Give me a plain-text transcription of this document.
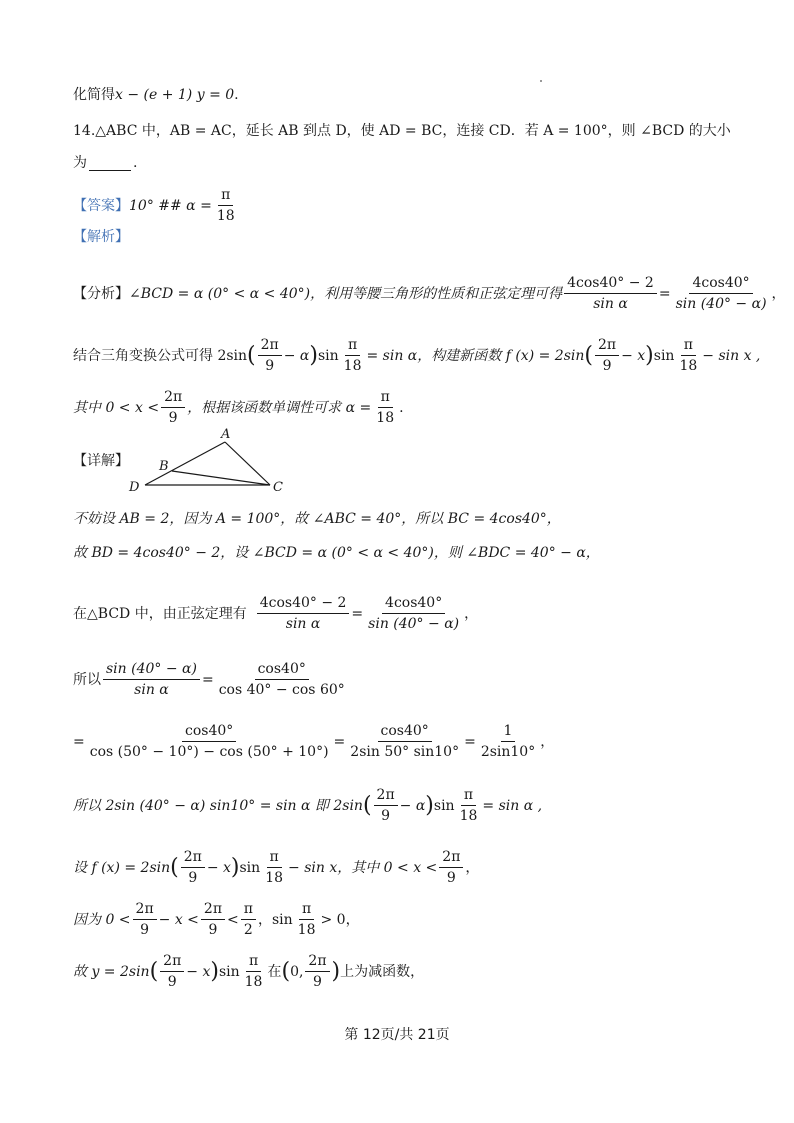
化简得 x − (e + 1) y = 0 .
14. △ABC 中，AB = AC，延长 AB 到点 D，使 AD = BC，连接 CD．若 A = 100°，则 ∠BCD 的大小
为	.
【答案】 10° ## $\alpha = \frac{\pi}{18}$
【解析】
【分析】 ∠BCD = α (0° < α < 40°)，利用等腰三角形的性质和正弦定理可得 $\frac{4\cos 40^\circ - 2}{\text{sin α}} = \frac{4\cos 40^\circ}{\sin (40^\circ - \alpha)}$ ，
结合三角变换公式可得 2sin ( $\frac{2\pi}{9} - \alpha$ ) $\sin \frac{\pi}{18} = \sin \alpha$ ，构建新函数 f (x) = 2sin ( $\frac{2\pi}{9} - x$ ) $\sin \frac{\pi}{18} - \sin x$ ,
其中 $0 < x < \frac{2\pi}{9}$ ，根据该函数单调性可求 $\alpha = \frac{\pi}{18}$ .
【详解】
A
B
C
D
不妨设 AB = 2，因为 A = 100°，故 ∠ABC = 40°，所以 BC = 4cos40°，
故 BD = 4cos40° − 2，设 ∠BCD = α (0° < α < 40°)，则 ∠BDC = 40° − α，
在△BCD 中，由正弦定理有 $\frac{4\cos 40^\circ - 2}{\text{sin α}} = \frac{4\cos 40^\circ}{\sin (40^\circ - \alpha)}$ ，
所以 $\frac{\sin (40^\circ - \alpha)}{\text{sin α}} = \frac{\cos 40^\circ}{\cos 40^\circ - \cos 60^\circ}$
= $\frac{\cos 40^\circ}{\cos (50^\circ - 10^\circ) - \cos (50^\circ + 10^\circ)} = \frac{\cos 40^\circ}{2\sin 50^\circ \sin 10^\circ} = \frac{1}{2\sin 10^\circ}$ ，
所以 2sin (40° − α) sin10° = sin α 即 2sin ( $\frac{2\pi}{9} - \alpha$ ) $\sin \frac{\pi}{18} = \sin \alpha$ ,
设 f (x) = 2sin ( $\frac{2\pi}{9} - x$ ) $\sin \frac{\pi}{18} - \sin x$，其中 $0 < x < \frac{2\pi}{9}$ ，
因为 $0 < \frac{2\pi}{9} - x < \frac{2\pi}{9} < \frac{\pi}{2}$ ，$\sin \frac{\pi}{18} > 0$，
故 y = 2sin ( $\frac{2\pi}{9} - x$ ) $\sin \frac{\pi}{18}$ 在 ( 0, $\frac{2\pi}{9}$ ) 上为减函数，
第 12页/共 21页
